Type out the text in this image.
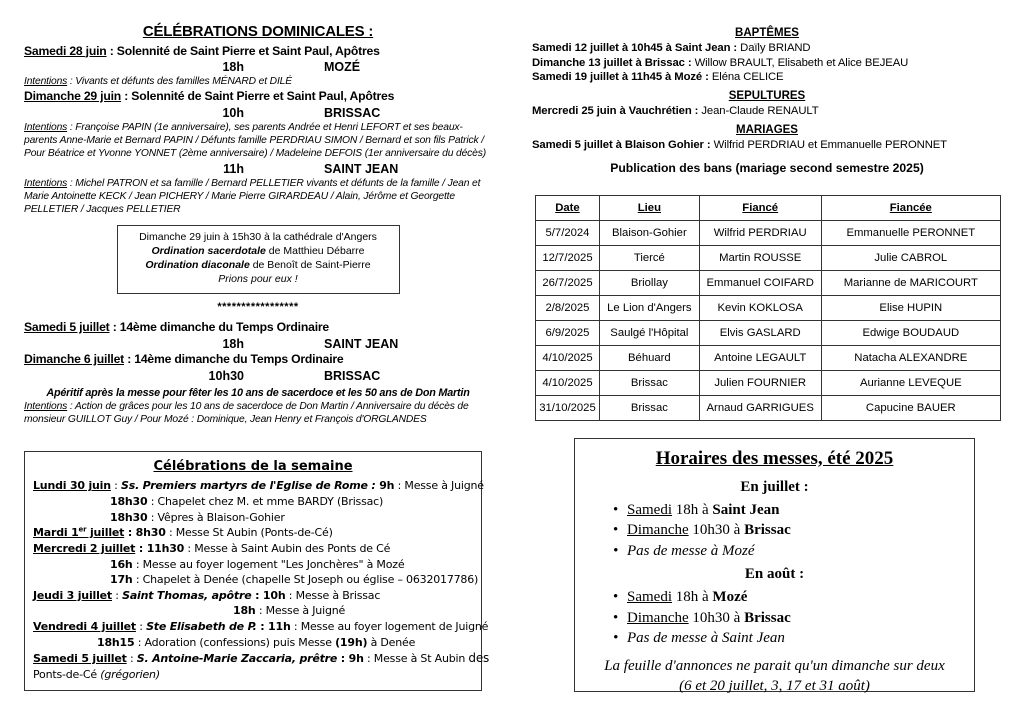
CÉLÉBRATIONS DOMINICALES :
Samedi 28 juin : Solennité de Saint Pierre et Saint Paul, Apôtres
18h	MOZÉ
Intentions : Vivants et défunts des familles MÉNARD et DILÉ
Dimanche 29 juin : Solennité de Saint Pierre et Saint Paul, Apôtres
10h	BRISSAC
Intentions : Françoise PAPIN (1e anniversaire), ses parents Andrée et Henri LEFORT et ses beaux-parents Anne-Marie et Bernard PAPIN / Défunts famille PERDRIAU SIMON / Bernard et son fils Patrick / Pour Béatrice et Yvonne YONNET (2ème anniversaire) / Madeleine DEFOIS (1er anniversaire du décès)
11h	SAINT JEAN
Intentions : Michel PATRON et sa famille / Bernard PELLETIER vivants et défunts de la famille / Jean et Marie Antoinette KECK / Jean PICHERY / Marie Pierre GIRARDEAU / Alain, Jérôme et Georgette PELLETIER / Jacques PELLETIER
Dimanche 29 juin à 15h30 à la cathédrale d'Angers
Ordination sacerdotale de Matthieu Débarre
Ordination diaconale de Benoît de Saint-Pierre
Prions pour eux !
*****************
Samedi 5 juillet : 14ème dimanche du Temps Ordinaire
18h	SAINT JEAN
Dimanche 6 juillet : 14ème dimanche du Temps Ordinaire
10h30	BRISSAC
Apéritif après la messe pour fêter les 10 ans de sacerdoce et les 50 ans de Don Martin
Intentions : Action de grâces pour les 10 ans de sacerdoce de Don Martin / Anniversaire du décès de monsieur GUILLOT Guy / Pour Mozé : Dominique, Jean Henry et François d'ORGLANDES
Célébrations de la semaine
Lundi 30 juin : Ss. Premiers martyrs de l'Eglise de Rome : 9h : Messe à Juigné
18h30 : Chapelet chez M. et mme BARDY (Brissac)
18h30 : Vêpres à Blaison-Gohier
Mardi 1er juillet : 8h30 : Messe St Aubin (Ponts-de-Cé)
Mercredi 2 juillet : 11h30 : Messe à Saint Aubin des Ponts de Cé
16h : Messe au foyer logement "Les Jonchères" à Mozé
17h : Chapelet à Denée (chapelle St Joseph ou église – 0632017786)
Jeudi 3 juillet : Saint Thomas, apôtre : 10h : Messe à Brissac
18h : Messe à Juigné
Vendredi 4 juillet : Ste Elisabeth de P. : 11h : Messe au foyer logement de Juigné
18h15 : Adoration (confessions) puis Messe (19h) à Denée
Samedi 5 juillet : S. Antoine-Marie Zaccaria, prêtre : 9h : Messe à St Aubin des
Ponts-de-Cé (grégorien)
BAPTÊMES
Samedi 12 juillet à 10h45 à Saint Jean : Daïly BRIAND
Dimanche 13 juillet à Brissac : Willow BRAULT, Elisabeth et Alice BEJEAU
Samedi 19 juillet à 11h45 à Mozé : Eléna CELICE
SEPULTURES
Mercredi 25 juin à Vauchrétien : Jean-Claude RENAULT
MARIAGES
Samedi 5 juillet à Blaison Gohier : Wilfrid PERDRIAU et Emmanuelle PERONNET
Publication des bans (mariage second semestre 2025)
Date	Lieu	Fiancé	Fiancée
5/7/2024	Blaison-Gohier	Wilfrid PERDRIAU	Emmanuelle PERONNET
12/7/2025	Tiercé	Martin ROUSSE	Julie CABROL
26/7/2025	Briollay	Emmanuel COIFARD	Marianne de MARICOURT
2/8/2025	Le Lion d'Angers	Kevin KOKLOSA	Elise HUPIN
6/9/2025	Saulgé l'Hôpital	Elvis GASLARD	Edwige BOUDAUD
4/10/2025	Béhuard	Antoine LEGAULT	Natacha ALEXANDRE
4/10/2025	Brissac	Julien FOURNIER	Aurianne LEVEQUE
31/10/2025	Brissac	Arnaud GARRIGUES	Capucine BAUER
Horaires des messes, été 2025
En juillet :
• Samedi 18h à Saint Jean
• Dimanche 10h30 à Brissac
• Pas de messe à Mozé
En août :
• Samedi 18h à Mozé
• Dimanche 10h30 à Brissac
• Pas de messe à Saint Jean
La feuille d'annonces ne parait qu'un dimanche sur deux
(6 et 20 juillet, 3, 17 et 31 août)
